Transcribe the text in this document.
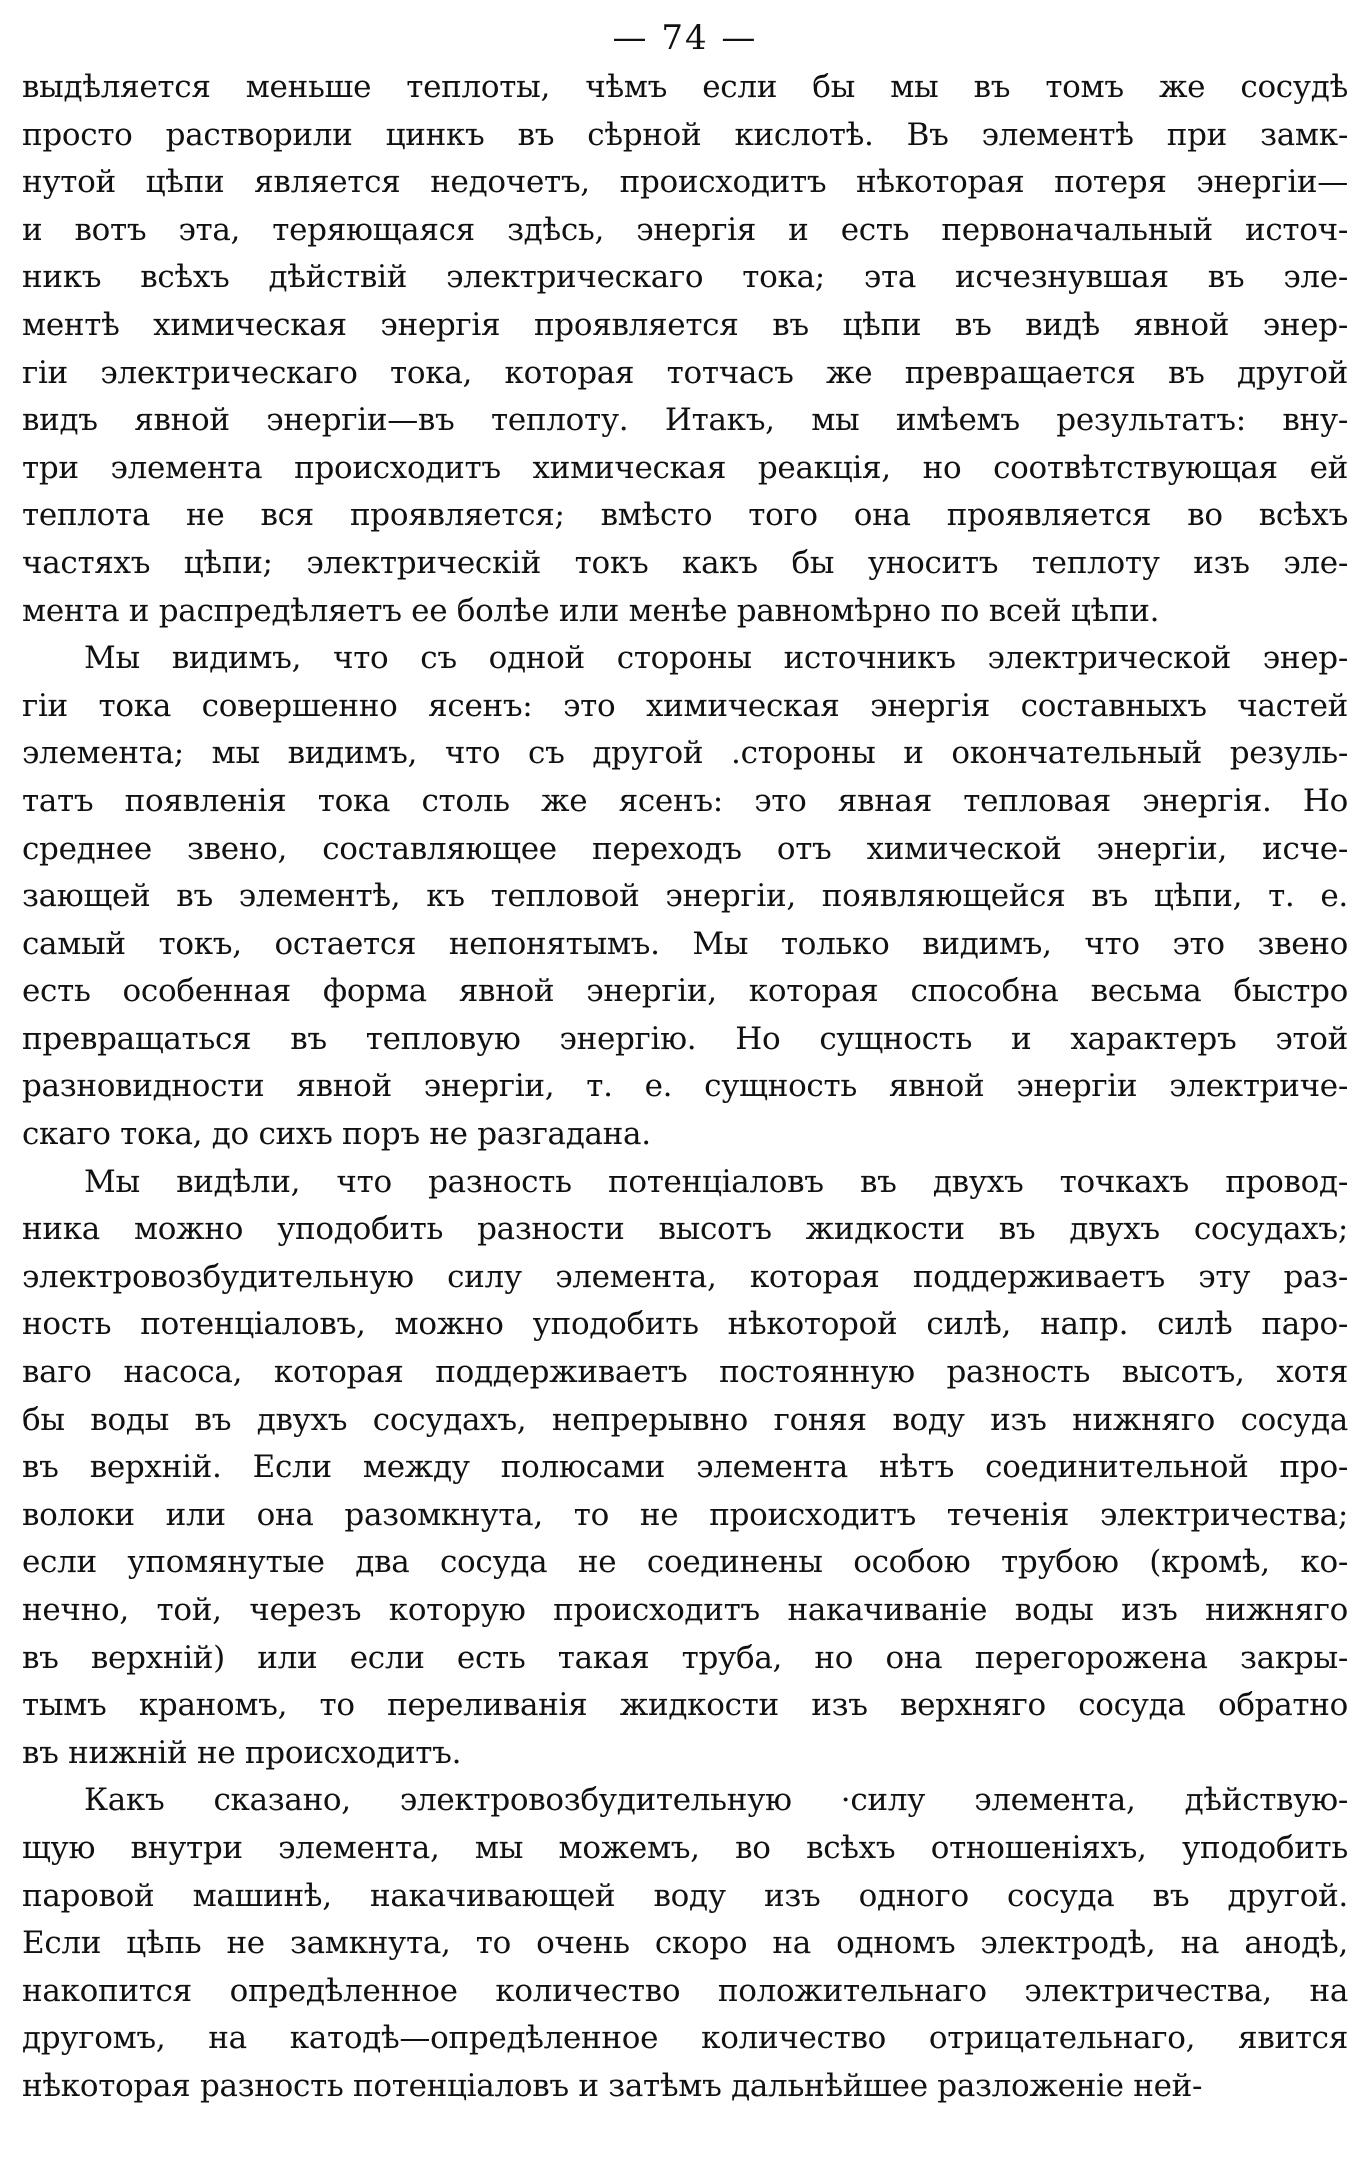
— 74 —
выдѣляется меньше теплоты, чѣмъ если бы мы въ томъ же сосудѣ
просто растворили цинкъ въ сѣрной кислотѣ. Въ элементѣ при замк-
нутой цѣпи является недочетъ, происходитъ нѣкоторая потеря энергіи—
и вотъ эта, теряющаяся здѣсь, энергія и есть первоначальный источ-
никъ всѣхъ дѣйствій электрическаго тока; эта исчезнувшая въ эле-
ментѣ химическая энергія проявляется въ цѣпи въ видѣ явной энер-
гіи электрическаго тока, которая тотчасъ же превращается въ другой
видъ явной энергіи—въ теплоту. Итакъ, мы имѣемъ результатъ: вну-
три элемента происходитъ химическая реакція, но соотвѣтствующая ей
теплота не вся проявляется; вмѣсто того она проявляется во всѣхъ
частяхъ цѣпи; электрическій токъ какъ бы уноситъ теплоту изъ эле-
мента и распредѣляетъ ее болѣе или менѣе равномѣрно по всей цѣпи.
Мы видимъ, что съ одной стороны источникъ электрической энер-
гіи тока совершенно ясенъ: это химическая энергія составныхъ частей
элемента; мы видимъ, что съ другой .стороны и окончательный резуль-
татъ появленія тока столь же ясенъ: это явная тепловая энергія. Но
среднее звено, составляющее переходъ отъ химической энергіи, исче-
зающей въ элементѣ, къ тепловой энергіи, появляющейся въ цѣпи, т. е.
самый токъ, остается непонятымъ. Мы только видимъ, что это звено
есть особенная форма явной энергіи, которая способна весьма быстро
превращаться въ тепловую энергію. Но сущность и характеръ этой
разновидности явной энергіи, т. е. сущность явной энергіи электриче-
скаго тока, до сихъ поръ не разгадана.
Мы видѣли, что разность потенціаловъ въ двухъ точкахъ провод-
ника можно уподобить разности высотъ жидкости въ двухъ сосудахъ;
электровозбудительную силу элемента, которая поддерживаетъ эту раз-
ность потенціаловъ, можно уподобить нѣкоторой силѣ, напр. силѣ паро-
ваго насоса, которая поддерживаетъ постоянную разность высотъ, хотя
бы воды въ двухъ сосудахъ, непрерывно гоняя воду изъ нижняго сосуда
въ верхній. Если между полюсами элемента нѣтъ соединительной про-
волоки или она разомкнута, то не происходитъ теченія электричества;
если упомянутые два сосуда не соединены особою трубою (кромѣ, ко-
нечно, той, черезъ которую происходитъ накачиваніе воды изъ нижняго
въ верхній) или если есть такая труба, но она перегорожена закры-
тымъ краномъ, то переливанія жидкости изъ верхняго сосуда обратно
въ нижній не происходитъ.
Какъ сказано, электровозбудительную ·силу элемента, дѣйствую-
щую внутри элемента, мы можемъ, во всѣхъ отношеніяхъ, уподобить
паровой машинѣ, накачивающей воду изъ одного сосуда въ другой.
Если цѣпь не замкнута, то очень скоро на одномъ электродѣ, на анодѣ,
накопится опредѣленное количество положительнаго электричества, на
другомъ, на катодѣ—опредѣленное количество отрицательнаго, явится
нѣкоторая разность потенціаловъ и затѣмъ дальнѣйшее разложеніе ней-
